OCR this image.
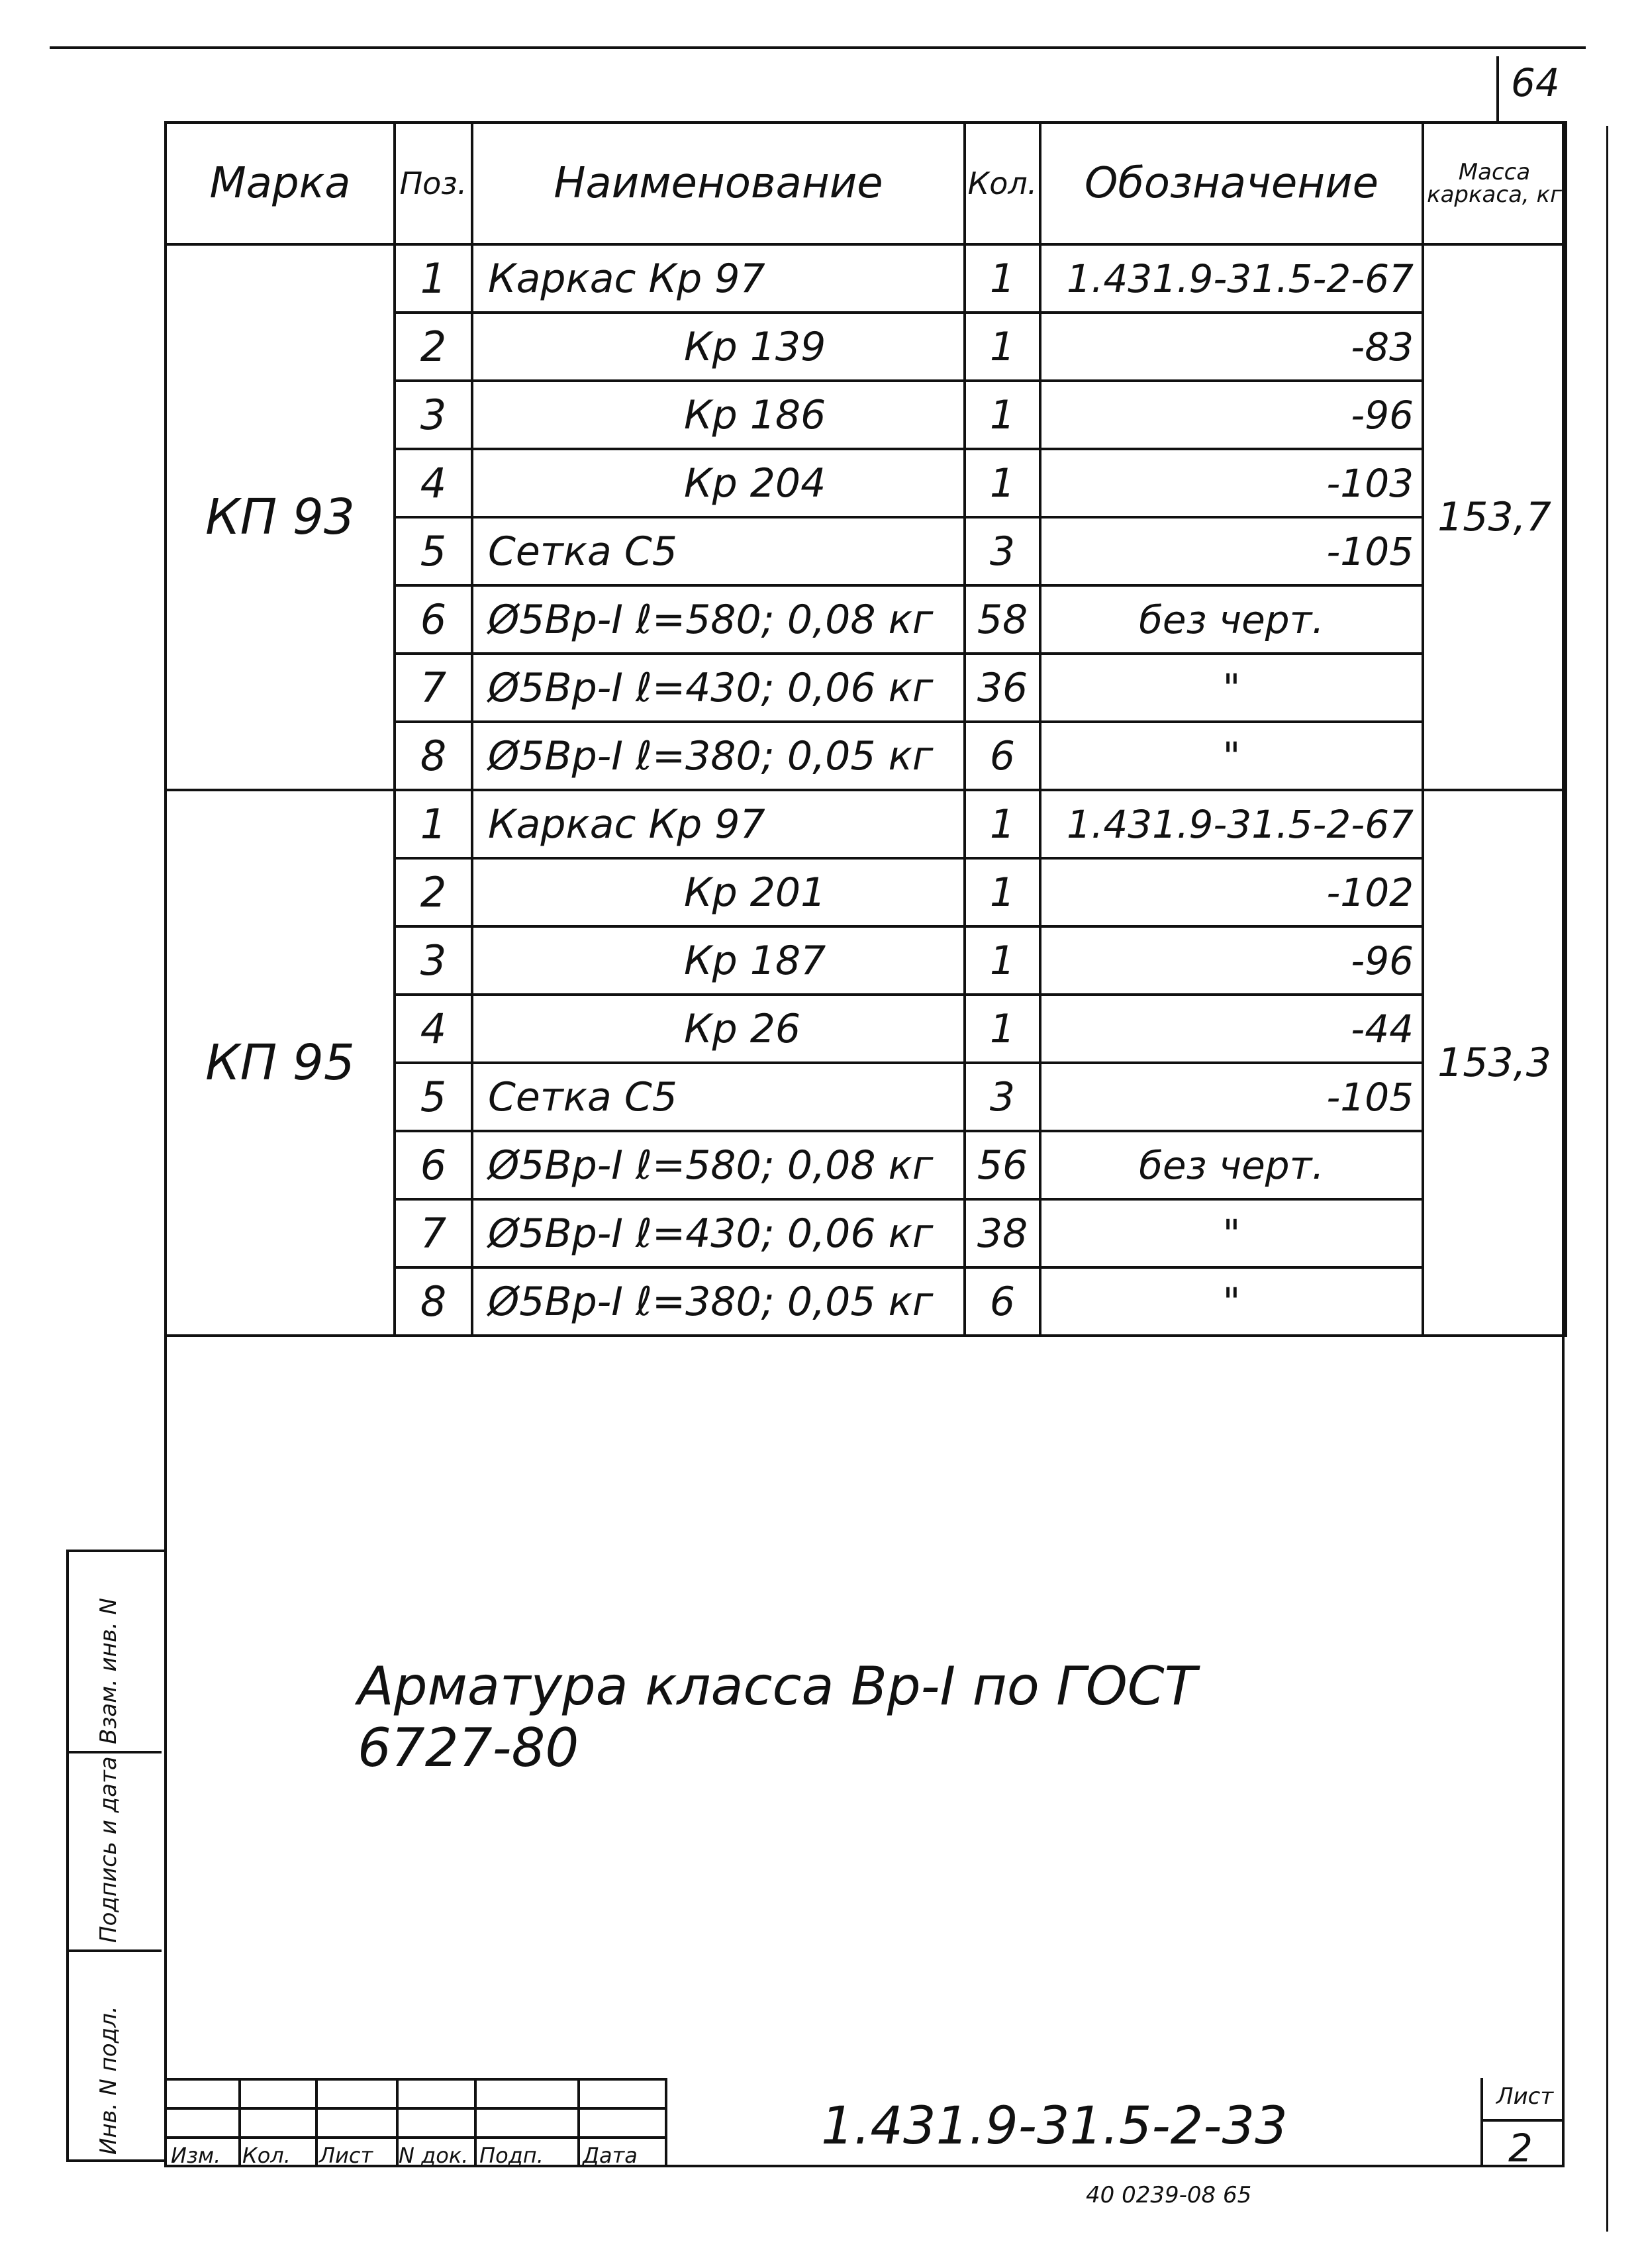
64
Марка	Поз.	Наименование	Кол.	Обозначение	Масса каркаса, кг
КП 93	1	Каркас Кр 97	1	1.431.9-31.5-2-67	153,7
	2	Кр 139	1	-83	
	3	Кр 186	1	-96	
	4	Кр 204	1	-103	
	5	Сетка С5	3	-105	
	6	Ø5Вр-I ℓ=580; 0,08 кг	58	без черт.	
	7	Ø5Вр-I ℓ=430; 0,06 кг	36	"	
	8	Ø5Вр-I ℓ=380; 0,05 кг	6	"	
КП 95	1	Каркас Кр 97	1	1.431.9-31.5-2-67	153,3
	2	Кр 201	1	-102	
	3	Кр 187	1	-96	
	4	Кр 26	1	-44	
	5	Сетка С5	3	-105	
	6	Ø5Вр-I ℓ=580; 0,08 кг	56	без черт.	
	7	Ø5Вр-I ℓ=430; 0,06 кг	38	"	
	8	Ø5Вр-I ℓ=380; 0,05 кг	6	"	
Арматура класса Вр-I по ГОСТ 6727-80
Взам. инв. N
Подпись и дата
Инв. N подл.
Изм. Кол. Лист N док. Подп. Дата	1.431.9-31.5-2-33	Лист
2
40 0239-08 65
